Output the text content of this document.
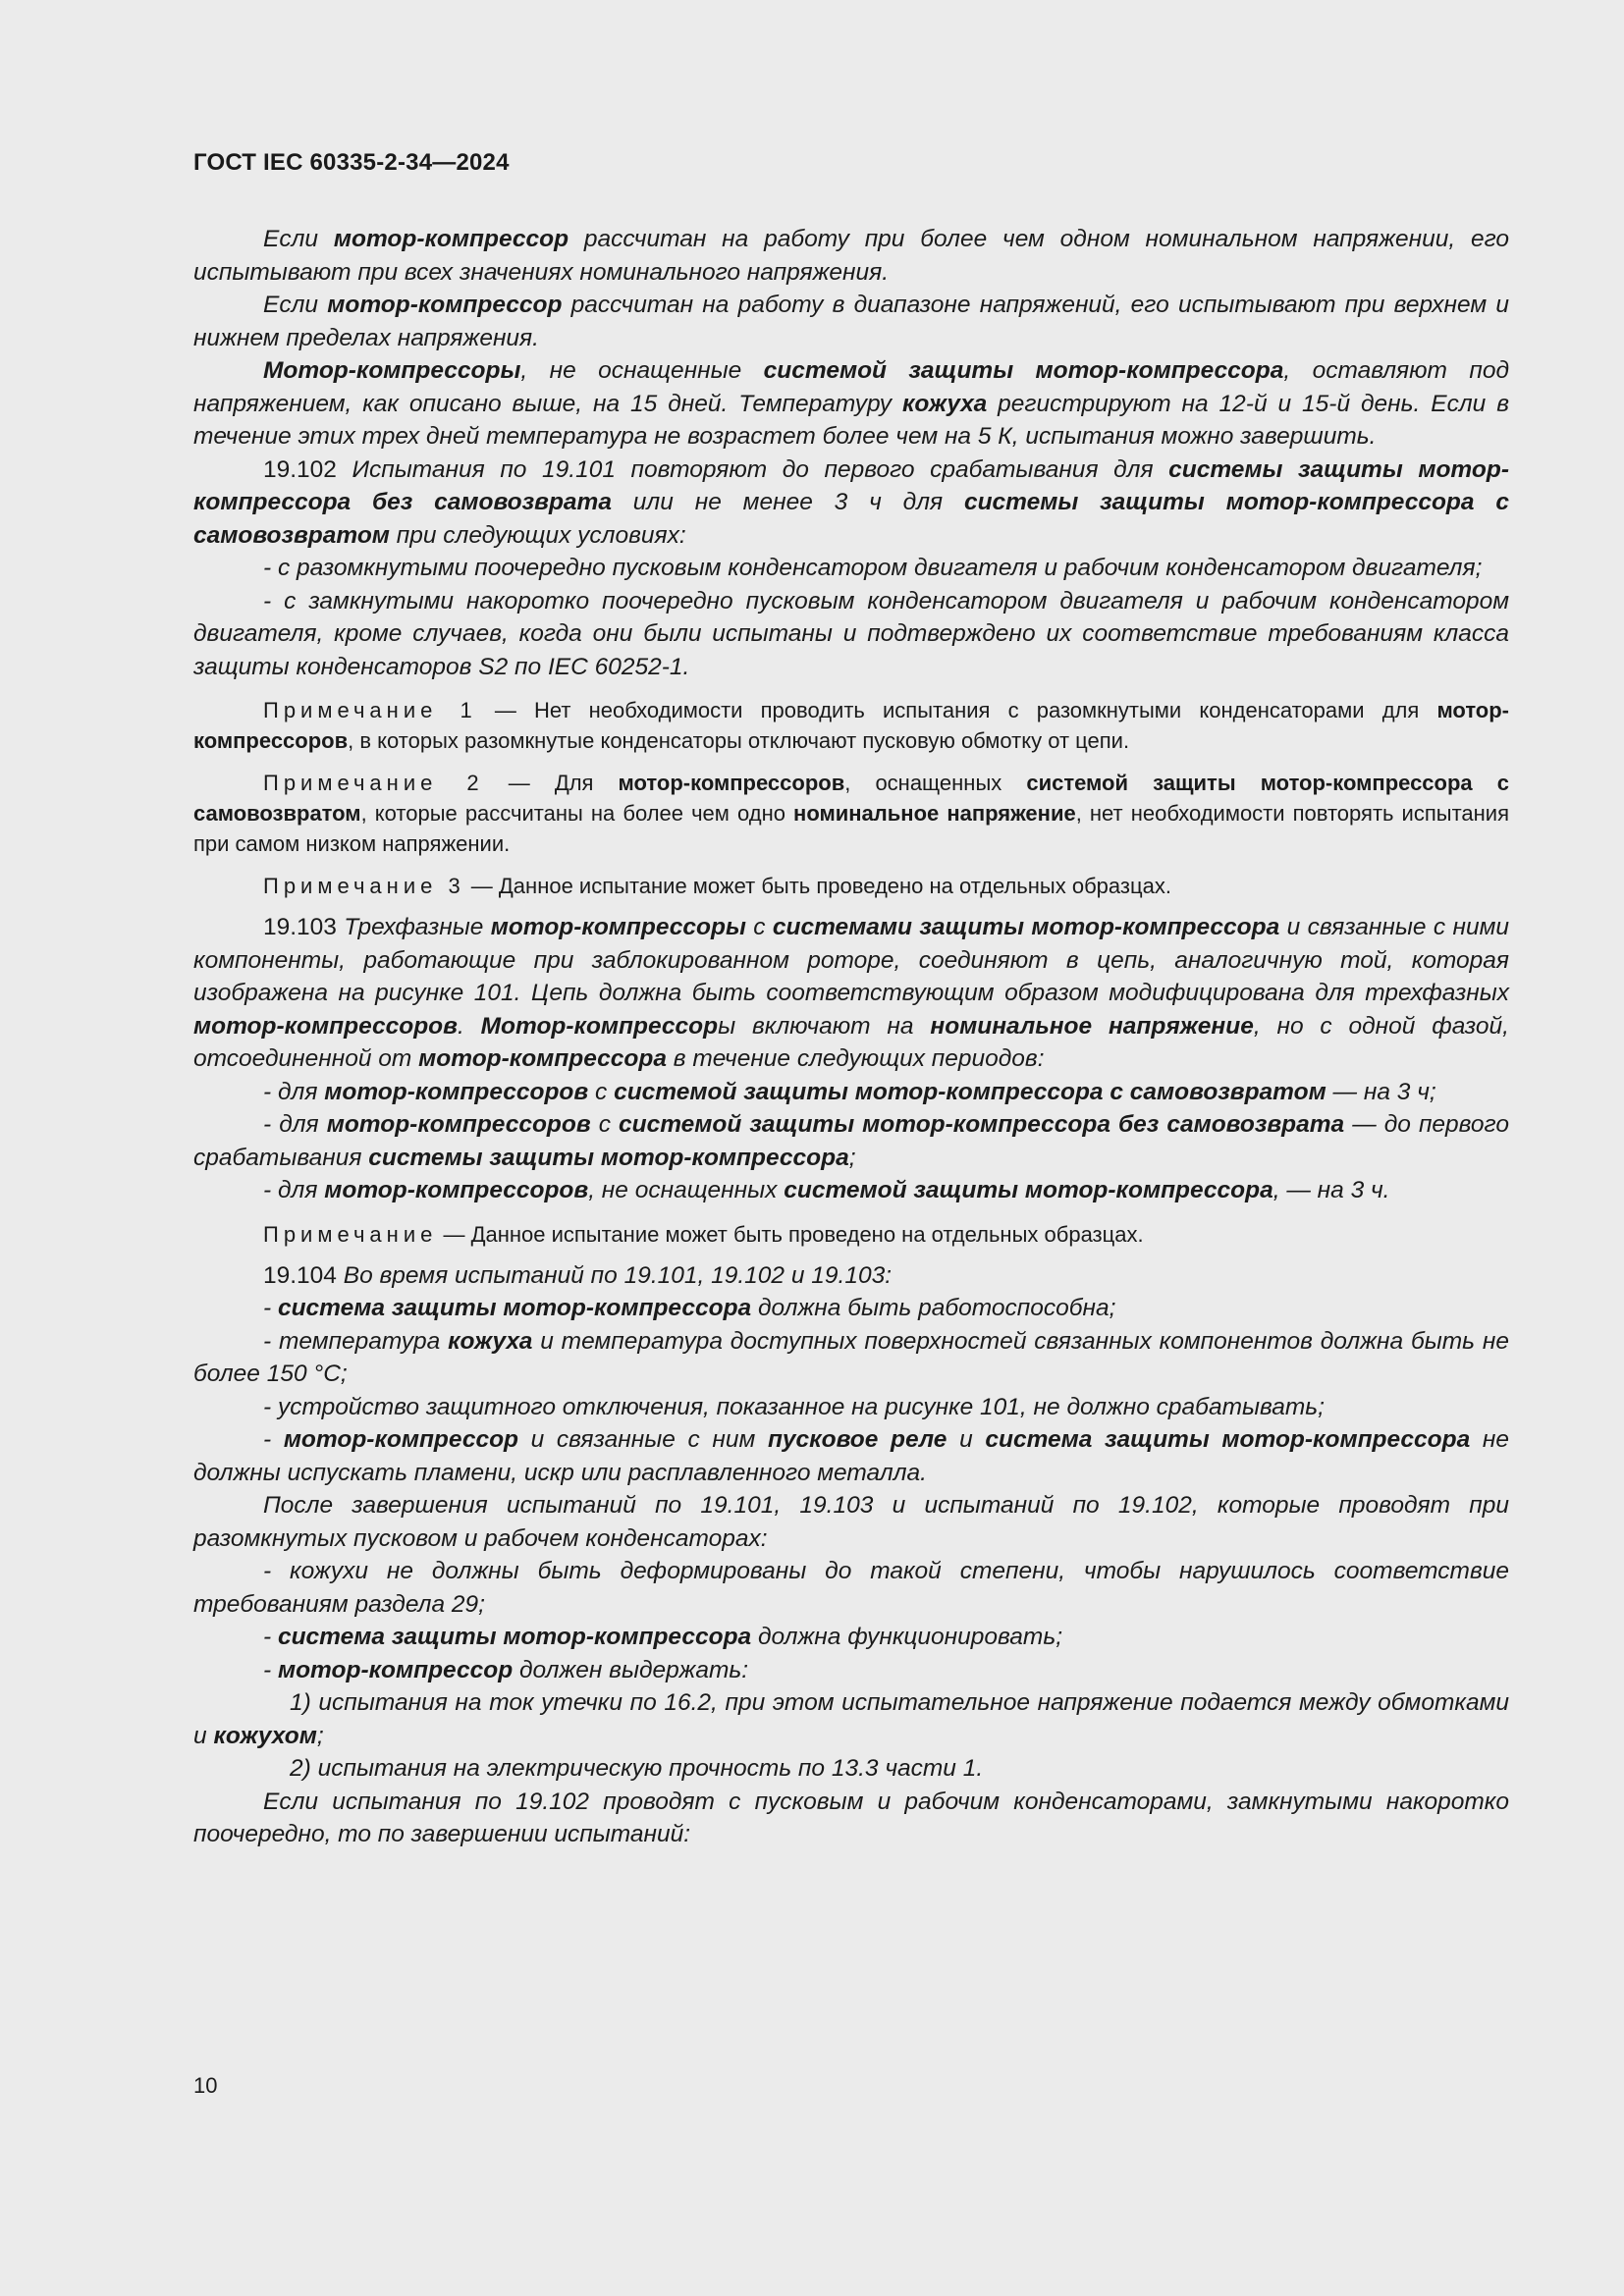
ГОСТ IEC 60335-2-34—2024

Если мотор-компрессор рассчитан на работу при более чем одном номинальном напряжении, его испытывают при всех значениях номинального напряжения.

Если мотор-компрессор рассчитан на работу в диапазоне напряжений, его испытывают при верхнем и нижнем пределах напряжения.

Мотор-компрессоры, не оснащенные системой защиты мотор-компрессора, оставляют под напряжением, как описано выше, на 15 дней. Температуру кожуха регистрируют на 12-й и 15-й день. Если в течение этих трех дней температура не возрастет более чем на 5 К, испытания можно завершить.

19.102 Испытания по 19.101 повторяют до первого срабатывания для системы защиты мотор-компрессора без самовозврата или не менее 3 ч для системы защиты мотор-компрессора с самовозвратом при следующих условиях:

- с разомкнутыми поочередно пусковым конденсатором двигателя и рабочим конденсатором двигателя;

- с замкнутыми накоротко поочередно пусковым конденсатором двигателя и рабочим конденсатором двигателя, кроме случаев, когда они были испытаны и подтверждено их соответствие требованиям класса защиты конденсаторов S2 по IEC 60252-1.

Примечание 1 — Нет необходимости проводить испытания с разомкнутыми конденсаторами для мотор-компрессоров, в которых разомкнутые конденсаторы отключают пусковую обмотку от цепи.

Примечание 2 — Для мотор-компрессоров, оснащенных системой защиты мотор-компрессора с самовозвратом, которые рассчитаны на более чем одно номинальное напряжение, нет необходимости повторять испытания при самом низком напряжении.

Примечание 3 — Данное испытание может быть проведено на отдельных образцах.

19.103 Трехфазные мотор-компрессоры с системами защиты мотор-компрессора и связанные с ними компоненты, работающие при заблокированном роторе, соединяют в цепь, аналогичную той, которая изображена на рисунке 101. Цепь должна быть соответствующим образом модифицирована для трехфазных мотор-компрессоров. Мотор-компрессоры включают на номинальное напряжение, но с одной фазой, отсоединенной от мотор-компрессора в течение следующих периодов:

- для мотор-компрессоров с системой защиты мотор-компрессора с самовозвратом — на 3 ч;

- для мотор-компрессоров с системой защиты мотор-компрессора без самовозврата — до первого срабатывания системы защиты мотор-компрессора;

- для мотор-компрессоров, не оснащенных системой защиты мотор-компрессора, — на 3 ч.

Примечание — Данное испытание может быть проведено на отдельных образцах.

19.104 Во время испытаний по 19.101, 19.102 и 19.103:

- система защиты мотор-компрессора должна быть работоспособна;

- температура кожуха и температура доступных поверхностей связанных компонентов должна быть не более 150 °С;

- устройство защитного отключения, показанное на рисунке 101, не должно срабатывать;

- мотор-компрессор и связанные с ним пусковое реле и система защиты мотор-компрессора не должны испускать пламени, искр или расплавленного металла.

После завершения испытаний по 19.101, 19.103 и испытаний по 19.102, которые проводят при разомкнутых пусковом и рабочем конденсаторах:

- кожухи не должны быть деформированы до такой степени, чтобы нарушилось соответствие требованиям раздела 29;

- система защиты мотор-компрессора должна функционировать;

- мотор-компрессор должен выдержать:

1) испытания на ток утечки по 16.2, при этом испытательное напряжение подается между обмотками и кожухом;

2) испытания на электрическую прочность по 13.3 части 1.

Если испытания по 19.102 проводят с пусковым и рабочим конденсаторами, замкнутыми накоротко поочередно, то по завершении испытаний:

10
